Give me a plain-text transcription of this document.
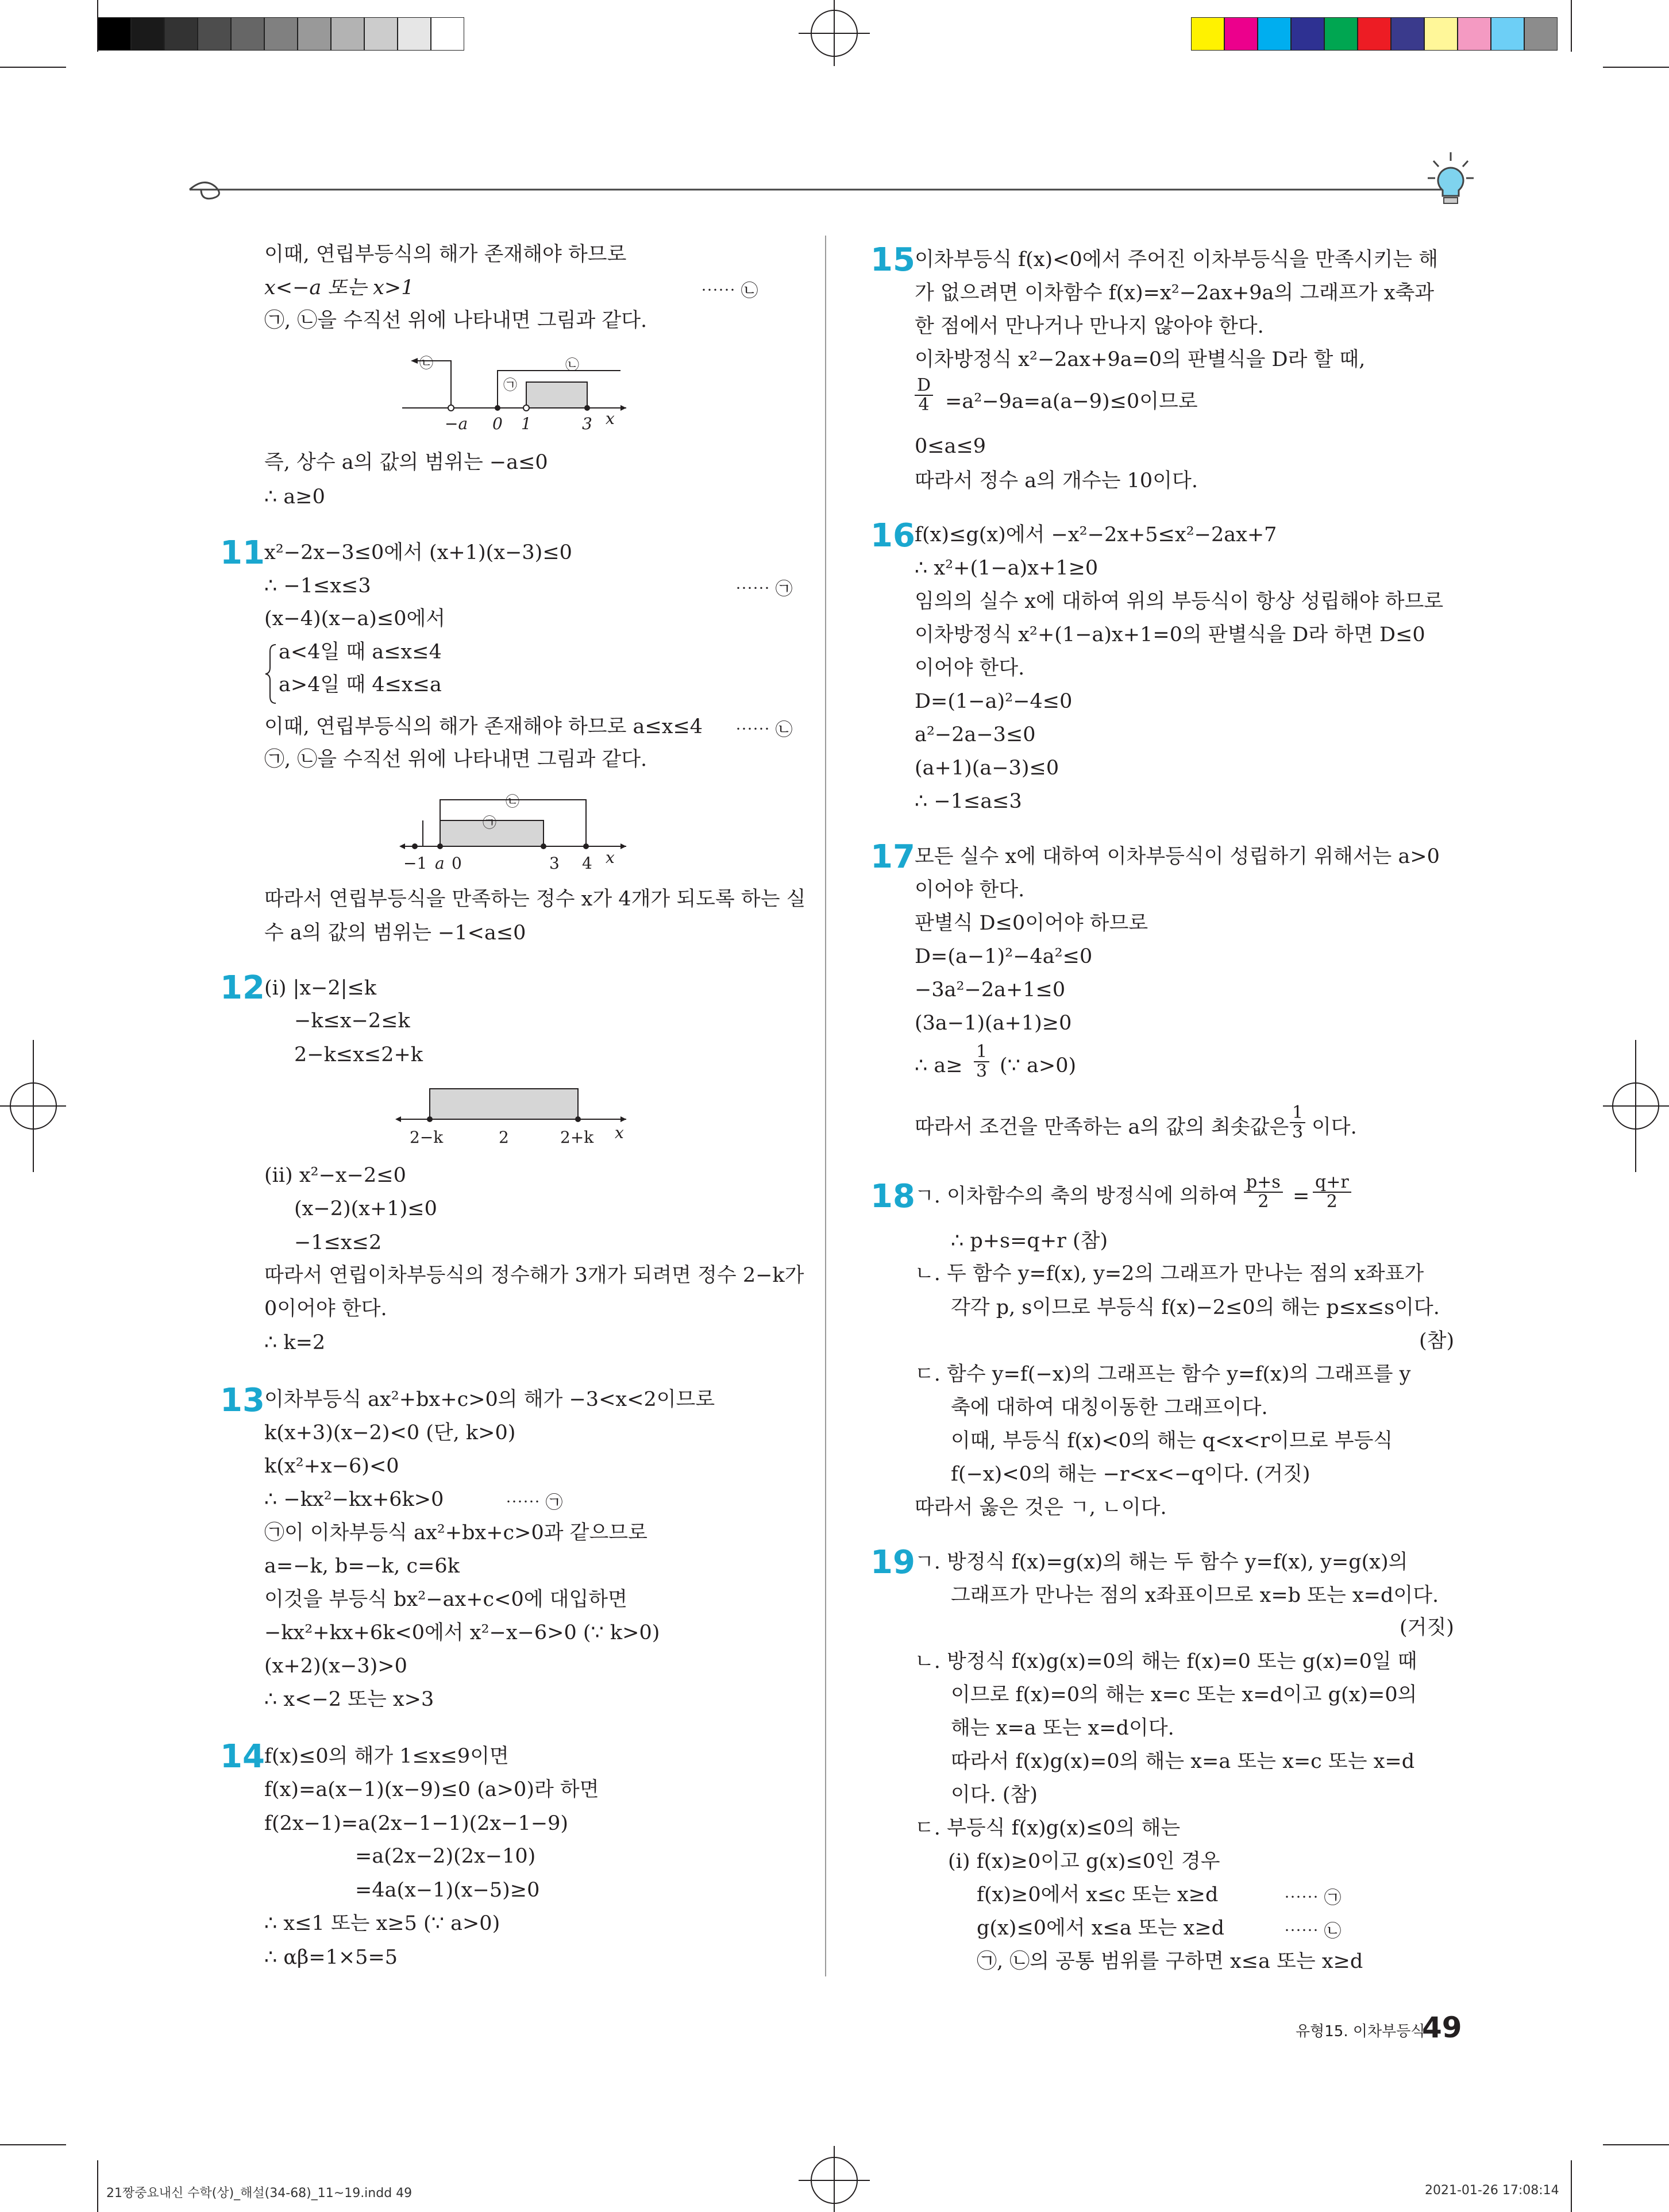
이때, 연립부등식의 해가 존재해야 하므로
x<−a 또는 x>1	⋯⋯ ㉡
㉠, ㉡을 수직선 위에 나타내면 그림과 같다.
−a 0 1	3 x
㉡
㉠
㉡
즉, 상수 a의 값의 범위는 −a≤0
∴ a≥0
11 x²−2x−3≤0에서 (x+1)(x−3)≤0
∴ −1≤x≤3	⋯⋯ ㉠
(x−4)(x−a)≤0에서
a<4일 때 a≤x≤4
a>4일 때 4≤x≤a
이때, 연립부등식의 해가 존재해야 하므로 a≤x≤4 ⋯⋯ ㉡
㉠, ㉡을 수직선 위에 나타내면 그림과 같다.
−1 a 0	3 4 x
㉡
㉠
따라서 연립부등식을 만족하는 정수 x가 4개가 되도록 하는 실
수 a의 값의 범위는 −1<a≤0
12 (i) |x−2|≤k
−k≤x−2≤k
2−k≤x≤2+k
2−k	2	2+k x
(ii) x²−x−2≤0
(x−2)(x+1)≤0
−1≤x≤2
따라서 연립이차부등식의 정수해가 3개가 되려면 정수 2−k가
0이어야 한다.
∴ k=2
13 이차부등식 ax²+bx+c>0의 해가 −3<x<2이므로
k(x+3)(x−2)<0 (단, k>0)
k(x²+x−6)<0
∴ −kx²−kx+6k>0	⋯⋯ ㉠
㉠이 이차부등식 ax²+bx+c>0과 같으므로
a=−k, b=−k, c=6k
이것을 부등식 bx²−ax+c<0에 대입하면
−kx²+kx+6k<0에서 x²−x−6>0 (∵ k>0)
(x+2)(x−3)>0
∴ x<−2 또는 x>3
14 f(x)≤0의 해가 1≤x≤9이면
f(x)=a(x−1)(x−9)≤0 (a>0)라 하면
f(2x−1)=a(2x−1−1)(2x−1−9)
=a(2x−2)(2x−10)
=4a(x−1)(x−5)≥0
∴ x≤1 또는 x≥5 (∵ a>0)
∴ αβ=1×5=5
15 이차부등식 f(x)<0에서 주어진 이차부등식을 만족시키는 해
가 없으려면 이차함수 f(x)=x²−2ax+9a의 그래프가 x축과
한 점에서 만나거나 만나지 않아야 한다.
이차방정식 x²−2ax+9a=0의 판별식을 D라 할 때,
$\frac{D}{4} =a^2-9a=a(a-9)\le 0$이므로
0≤a≤9
따라서 정수 a의 개수는 10이다.
16 f(x)≤g(x)에서 −x²−2x+5≤x²−2ax+7
∴ x²+(1−a)x+1≥0
임의의 실수 x에 대하여 위의 부등식이 항상 성립해야 하므로
이차방정식 x²+(1−a)x+1=0의 판별식을 D라 하면 D≤0
이어야 한다.
D=(1−a)²−4≤0
a²−2a−3≤0
(a+1)(a−3)≤0
∴ −1≤a≤3
17 모든 실수 x에 대하여 이차부등식이 성립하기 위해서는 a>0
이어야 한다.
판별식 D≤0이어야 하므로
D=(a−1)²−4a²≤0
−3a²−2a+1≤0
(3a−1)(a+1)≥0
∴ $a\ge \frac{1}{3}$ (∵ a>0)
따라서 조건을 만족하는 a의 값의 최솟값은 $\frac{1}{3}$ 이다.
18 ㄱ. 이차함수의 축의 방정식에 의하여 $\frac{p+s}{2} = \frac{q+r}{2}$
∴ p+s=q+r (참)
ㄴ. 두 함수 y=f(x), y=2의 그래프가 만나는 점의 x좌표가
각각 p, s이므로 부등식 f(x)−2≤0의 해는 p≤x≤s이다.
(참)
ㄷ. 함수 y=f(−x)의 그래프는 함수 y=f(x)의 그래프를 y
축에 대하여 대칭이동한 그래프이다.
이때, 부등식 f(x)<0의 해는 q<x<r이므로 부등식
f(−x)<0의 해는 −r<x<−q이다. (거짓)
따라서 옳은 것은 ㄱ, ㄴ이다.
19 ㄱ. 방정식 f(x)=g(x)의 해는 두 함수 y=f(x), y=g(x)의
그래프가 만나는 점의 x좌표이므로 x=b 또는 x=d이다.
(거짓)
ㄴ. 방정식 f(x)g(x)=0의 해는 f(x)=0 또는 g(x)=0일 때
이므로 f(x)=0의 해는 x=c 또는 x=d이고 g(x)=0의
해는 x=a 또는 x=d이다.
따라서 f(x)g(x)=0의 해는 x=a 또는 x=c 또는 x=d
이다. (참)
ㄷ. 부등식 f(x)g(x)≤0의 해는
(i) f(x)≥0이고 g(x)≤0인 경우
f(x)≥0에서 x≤c 또는 x≥d	⋯⋯ ㉠
g(x)≤0에서 x≤a 또는 x≥d	⋯⋯ ㉡
㉠, ㉡의 공통 범위를 구하면 x≤a 또는 x≥d
유형15. 이차부등식
49
21짱중요내신 수학(상)_해설(34-68)_11~19.indd 49	2021-01-26 17:08:14
